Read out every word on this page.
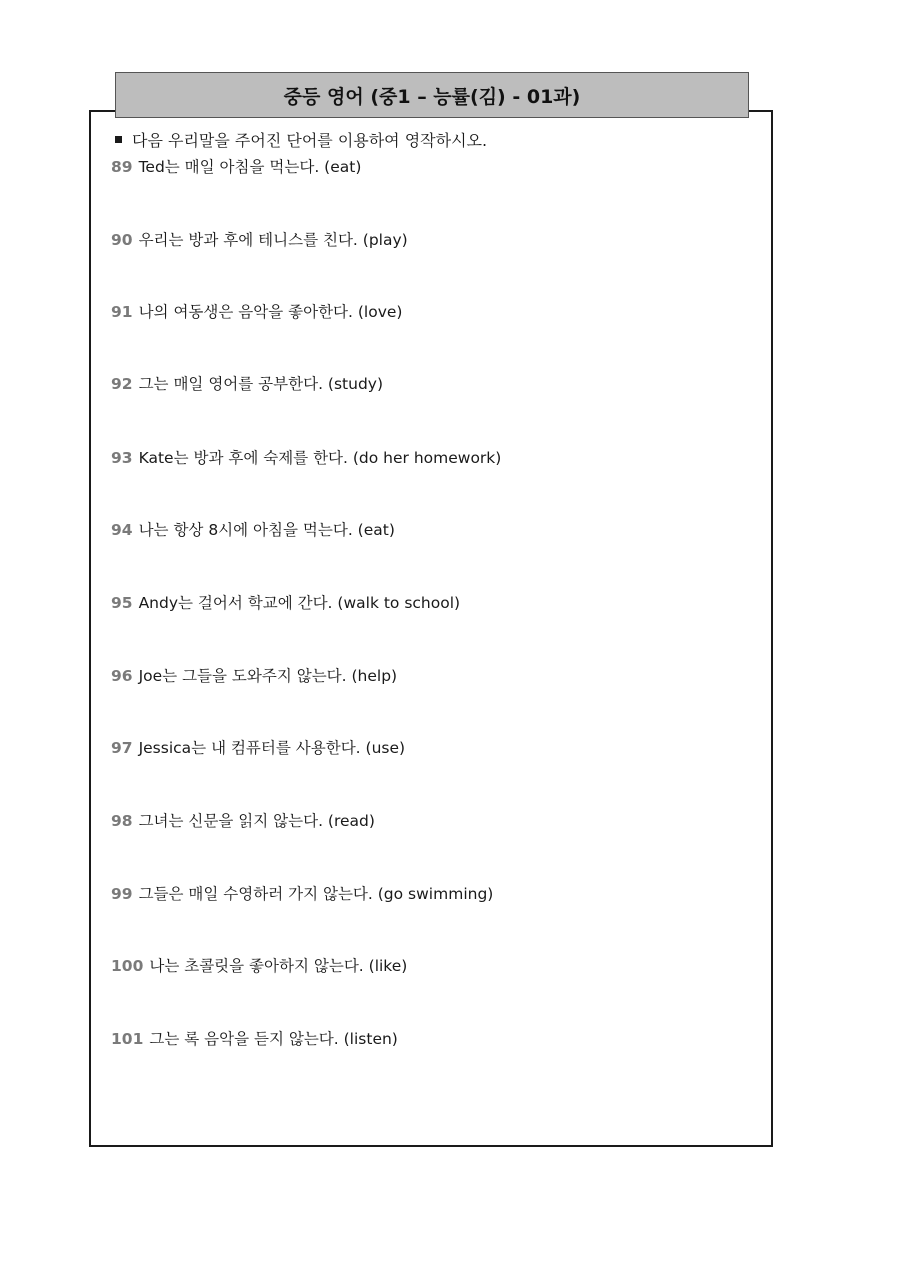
중등 영어 (중1 – 능률(김) - 01과)
다음 우리말을 주어진 단어를 이용하여 영작하시오.
89 Ted는 매일 아침을 먹는다. (eat)
90 우리는 방과 후에 테니스를 친다. (play)
91 나의 여동생은 음악을 좋아한다. (love)
92 그는 매일 영어를 공부한다. (study)
93 Kate는 방과 후에 숙제를 한다. (do her homework)
94 나는 항상 8시에 아침을 먹는다. (eat)
95 Andy는 걸어서 학교에 간다. (walk to school)
96 Joe는 그들을 도와주지 않는다. (help)
97 Jessica는 내 컴퓨터를 사용한다. (use)
98 그녀는 신문을 읽지 않는다. (read)
99 그들은 매일 수영하러 가지 않는다. (go swimming)
100 나는 초콜릿을 좋아하지 않는다. (like)
101 그는 록 음악을 듣지 않는다. (listen)
